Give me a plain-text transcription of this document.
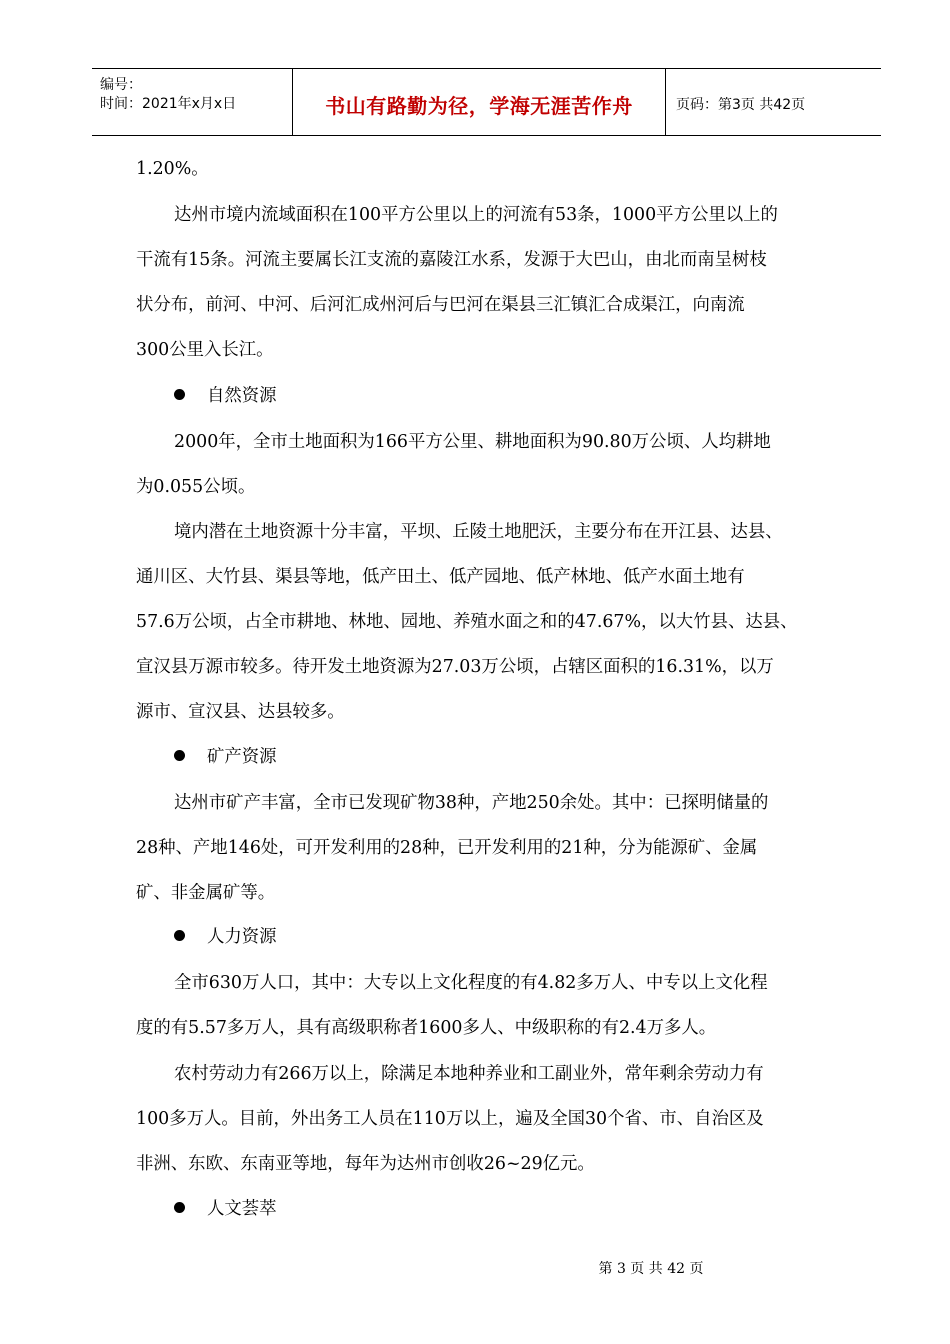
编号：
时间：2021年x月x日	书山有路勤为径，学海无涯苦作舟	页码：第3页 共42页
1.20%。
达州市境内流域面积在100平方公里以上的河流有53条，1000平方公里以上的
干流有15条。河流主要属长江支流的嘉陵江水系，发源于大巴山，由北而南呈树枝
状分布，前河、中河、后河汇成州河后与巴河在渠县三汇镇汇合成渠江，向南流
300公里入长江。
自然资源
2000年，全市土地面积为166平方公里、耕地面积为90.80万公顷、人均耕地
为0.055公顷。
境内潜在土地资源十分丰富，平坝、丘陵土地肥沃，主要分布在开江县、达县、
通川区、大竹县、渠县等地，低产田土、低产园地、低产林地、低产水面土地有
57.6万公顷，占全市耕地、林地、园地、养殖水面之和的47.67%，以大竹县、达县、
宣汉县万源市较多。待开发土地资源为27.03万公顷，占辖区面积的16.31%，以万
源市、宣汉县、达县较多。
矿产资源
达州市矿产丰富，全市已发现矿物38种，产地250余处。其中：已探明储量的
28种、产地146处，可开发利用的28种，已开发利用的21种，分为能源矿、金属
矿、非金属矿等。
人力资源
全市630万人口，其中：大专以上文化程度的有4.82多万人、中专以上文化程
度的有5.57多万人，具有高级职称者1600多人、中级职称的有2.4万多人。
农村劳动力有266万以上，除满足本地种养业和工副业外，常年剩余劳动力有
100多万人。目前，外出务工人员在110万以上，遍及全国30个省、市、自治区及
非洲、东欧、东南亚等地，每年为达州市创收26~29亿元。
人文荟萃
第 3 页 共 42 页
